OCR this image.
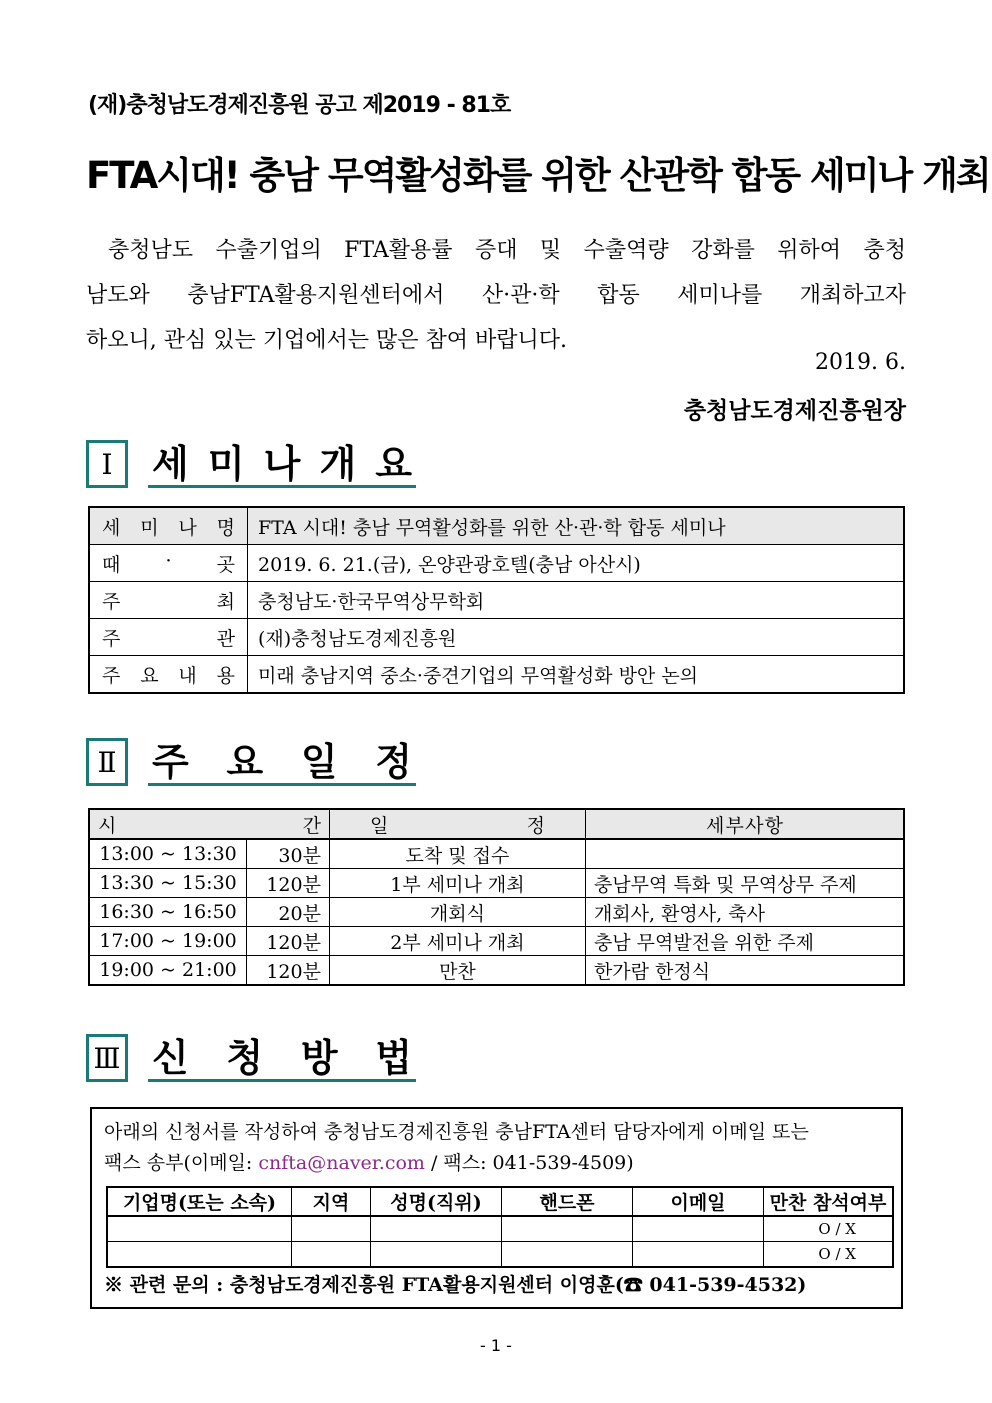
(재)충청남도경제진흥원 공고 제2019 - 81호
FTA시대! 충남 무역활성화를 위한 산관학 합동 세미나 개최
충청남도 수출기업의 FTA활용률 증대 및 수출역량 강화를 위하여 충청
남도와 충남FTA활용지원센터에서 산·관·학 합동 세미나를 개최하고자
하오니, 관심 있는 기업에서는 많은 참여 바랍니다.
2019. 6.
충청남도경제진흥원장
Ⅰ	세 미 나 개 요
세 미 나 명	FTA 시대! 충남 무역활성화를 위한 산·관·학 합동 세미나

때 · 곳	2019. 6. 21.(금), 온양관광호텔(충남 아산시)

주 최	충청남도·한국무역상무학회

주 관	(재)충청남도경제진흥원

주 요 내 용	미래 충남지역 중소·중견기업의 무역활성화 방안 논의
Ⅱ 주 요 일 정
시 간		일 정	세 부 사 항

13:00 ~ 13:30	30분	도착 및 접수	
13:30 ~ 15:30	120분	1부 세미나 개최	충남무역 특화 및 무역상무 주제
16:30 ~ 16:50	20분	개회식	개회사, 환영사, 축사
17:00 ~ 19:00	120분	2부 세미나 개최	충남 무역발전을 위한 주제
19:00 ~ 21:00	120분	만찬	한가람 한정식
Ⅲ 신 청 방 법
아래의 신청서를 작성하여 충청남도경제진흥원 충남FTA센터 담당자에게 이메일 또는
팩스 송부(이메일: cnfta@naver.com / 팩스: 041-539-4509)
기업명(또는 소속)	지역	성명(직위)	핸드폰	이메일	만찬 참석여부
					O / X
					O / X
※ 관련 문의 : 충청남도경제진흥원 FTA활용지원센터 이영훈(☎ 041-539-4532)
- 1 -
